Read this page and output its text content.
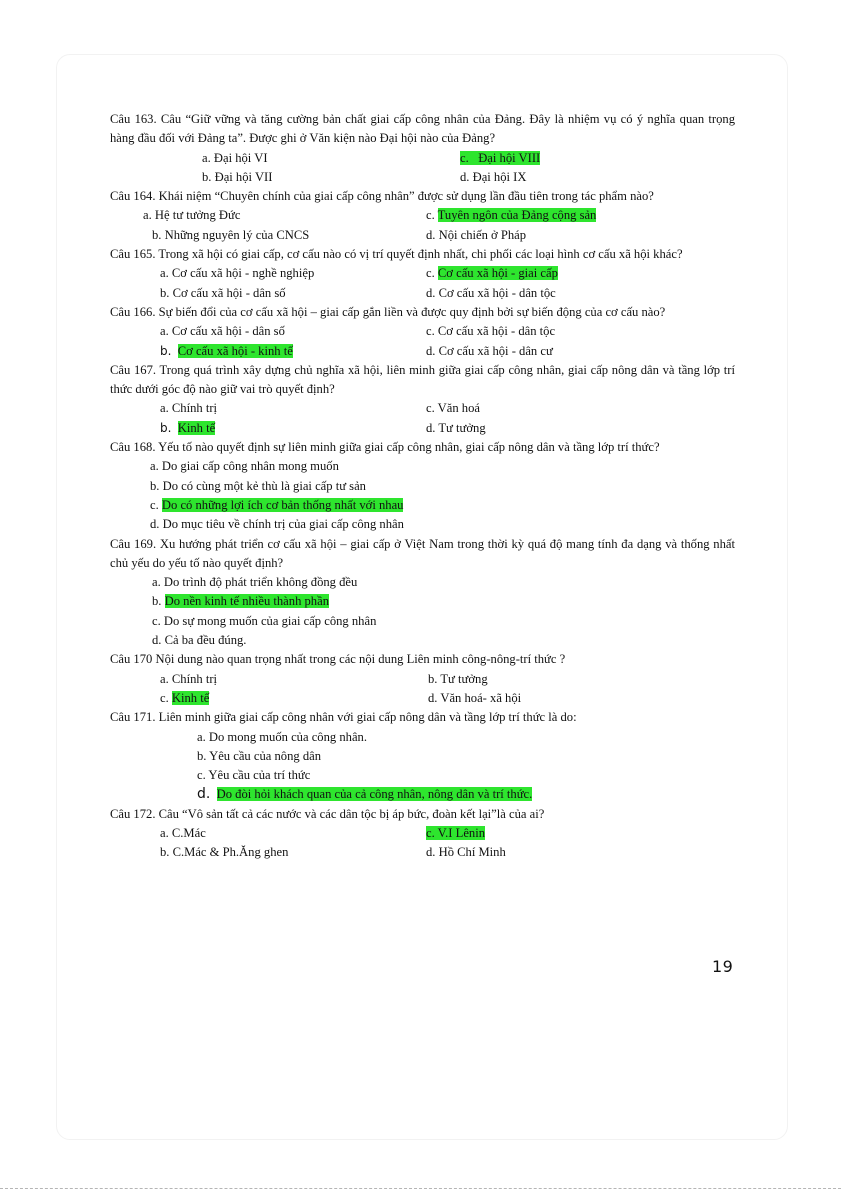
Câu 163. Câu “Giữ vững và tăng cường bản chất giai cấp công nhân của Đảng. Đây là nhiệm vụ có ý nghĩa quan trọng hàng đầu đối với Đảng ta”. Được ghi ở Văn kiện nào Đại hội nào của Đảng?

a. Đại hội VI	c. Đại hội VIII
b. Đại hội VII	d. Đại hội IX

Câu 164. Khái niệm “Chuyên chính của giai cấp công nhân” được sử dụng lần đầu tiên trong tác phẩm nào?

a. Hệ tư tưởng Đức	c. Tuyên ngôn của Đảng cộng sản
b. Những nguyên lý của CNCS	d. Nội chiến ở Pháp

Câu 165. Trong xã hội có giai cấp, cơ cấu nào có vị trí quyết định nhất, chi phối các loại hình cơ cấu xã hội khác?

a. Cơ cấu xã hội - nghề nghiệp	c. Cơ cấu xã hội - giai cấp
b. Cơ cấu xã hội - dân số	d. Cơ cấu xã hội - dân tộc

Câu 166. Sự biến đổi của cơ cấu xã hội – giai cấp gắn liền và được quy định bởi sự biến động của cơ cấu nào?

a. Cơ cấu xã hội - dân số	c. Cơ cấu xã hội - dân tộc
b. Cơ cấu xã hội - kinh tế	d. Cơ cấu xã hội - dân cư

Câu 167. Trong quá trình xây dựng chủ nghĩa xã hội, liên minh giữa giai cấp công nhân, giai cấp nông dân và tầng lớp trí thức dưới góc độ nào giữ vai trò quyết định?

a. Chính trị	c. Văn hoá
b. Kinh tế	d. Tư tưởng

Câu 168. Yếu tố nào quyết định sự liên minh giữa giai cấp công nhân, giai cấp nông dân và tầng lớp trí thức?

a. Do giai cấp công nhân mong muốn
b. Do có cùng một kẻ thù là giai cấp tư sản
c. Do có những lợi ích cơ bản thống nhất với nhau
d. Do mục tiêu về chính trị của giai cấp công nhân

Câu 169. Xu hướng phát triển cơ cấu xã hội – giai cấp ở Việt Nam trong thời kỳ quá độ mang tính đa dạng và thống nhất chủ yếu do yếu tố nào quyết định?

a. Do trình độ phát triển không đồng đều
b. Do nền kinh tế nhiều thành phần
c. Do sự mong muốn của giai cấp công nhân
d. Cả ba đều đúng.

Câu 170 Nội dung nào quan trọng nhất trong các nội dung Liên minh công-nông-trí thức ?

a. Chính trị	b. Tư tưởng
c. Kinh tế	d. Văn hoá- xã hội

Câu 171. Liên minh giữa giai cấp công nhân với giai cấp nông dân và tầng lớp trí thức là do:

a. Do mong muốn của công nhân.
b. Yêu cầu của nông dân
c. Yêu cầu của trí thức
d. Do đòi hỏi khách quan của cả công nhân, nông dân và trí thức.

Câu 172. Câu “Vô sản tất cả các nước và các dân tộc bị áp bức, đoàn kết lại”là của ai?

a. C.Mác	c. V.I Lênin
b. C.Mác & Ph.Ăng ghen	d. Hồ Chí Minh
19
